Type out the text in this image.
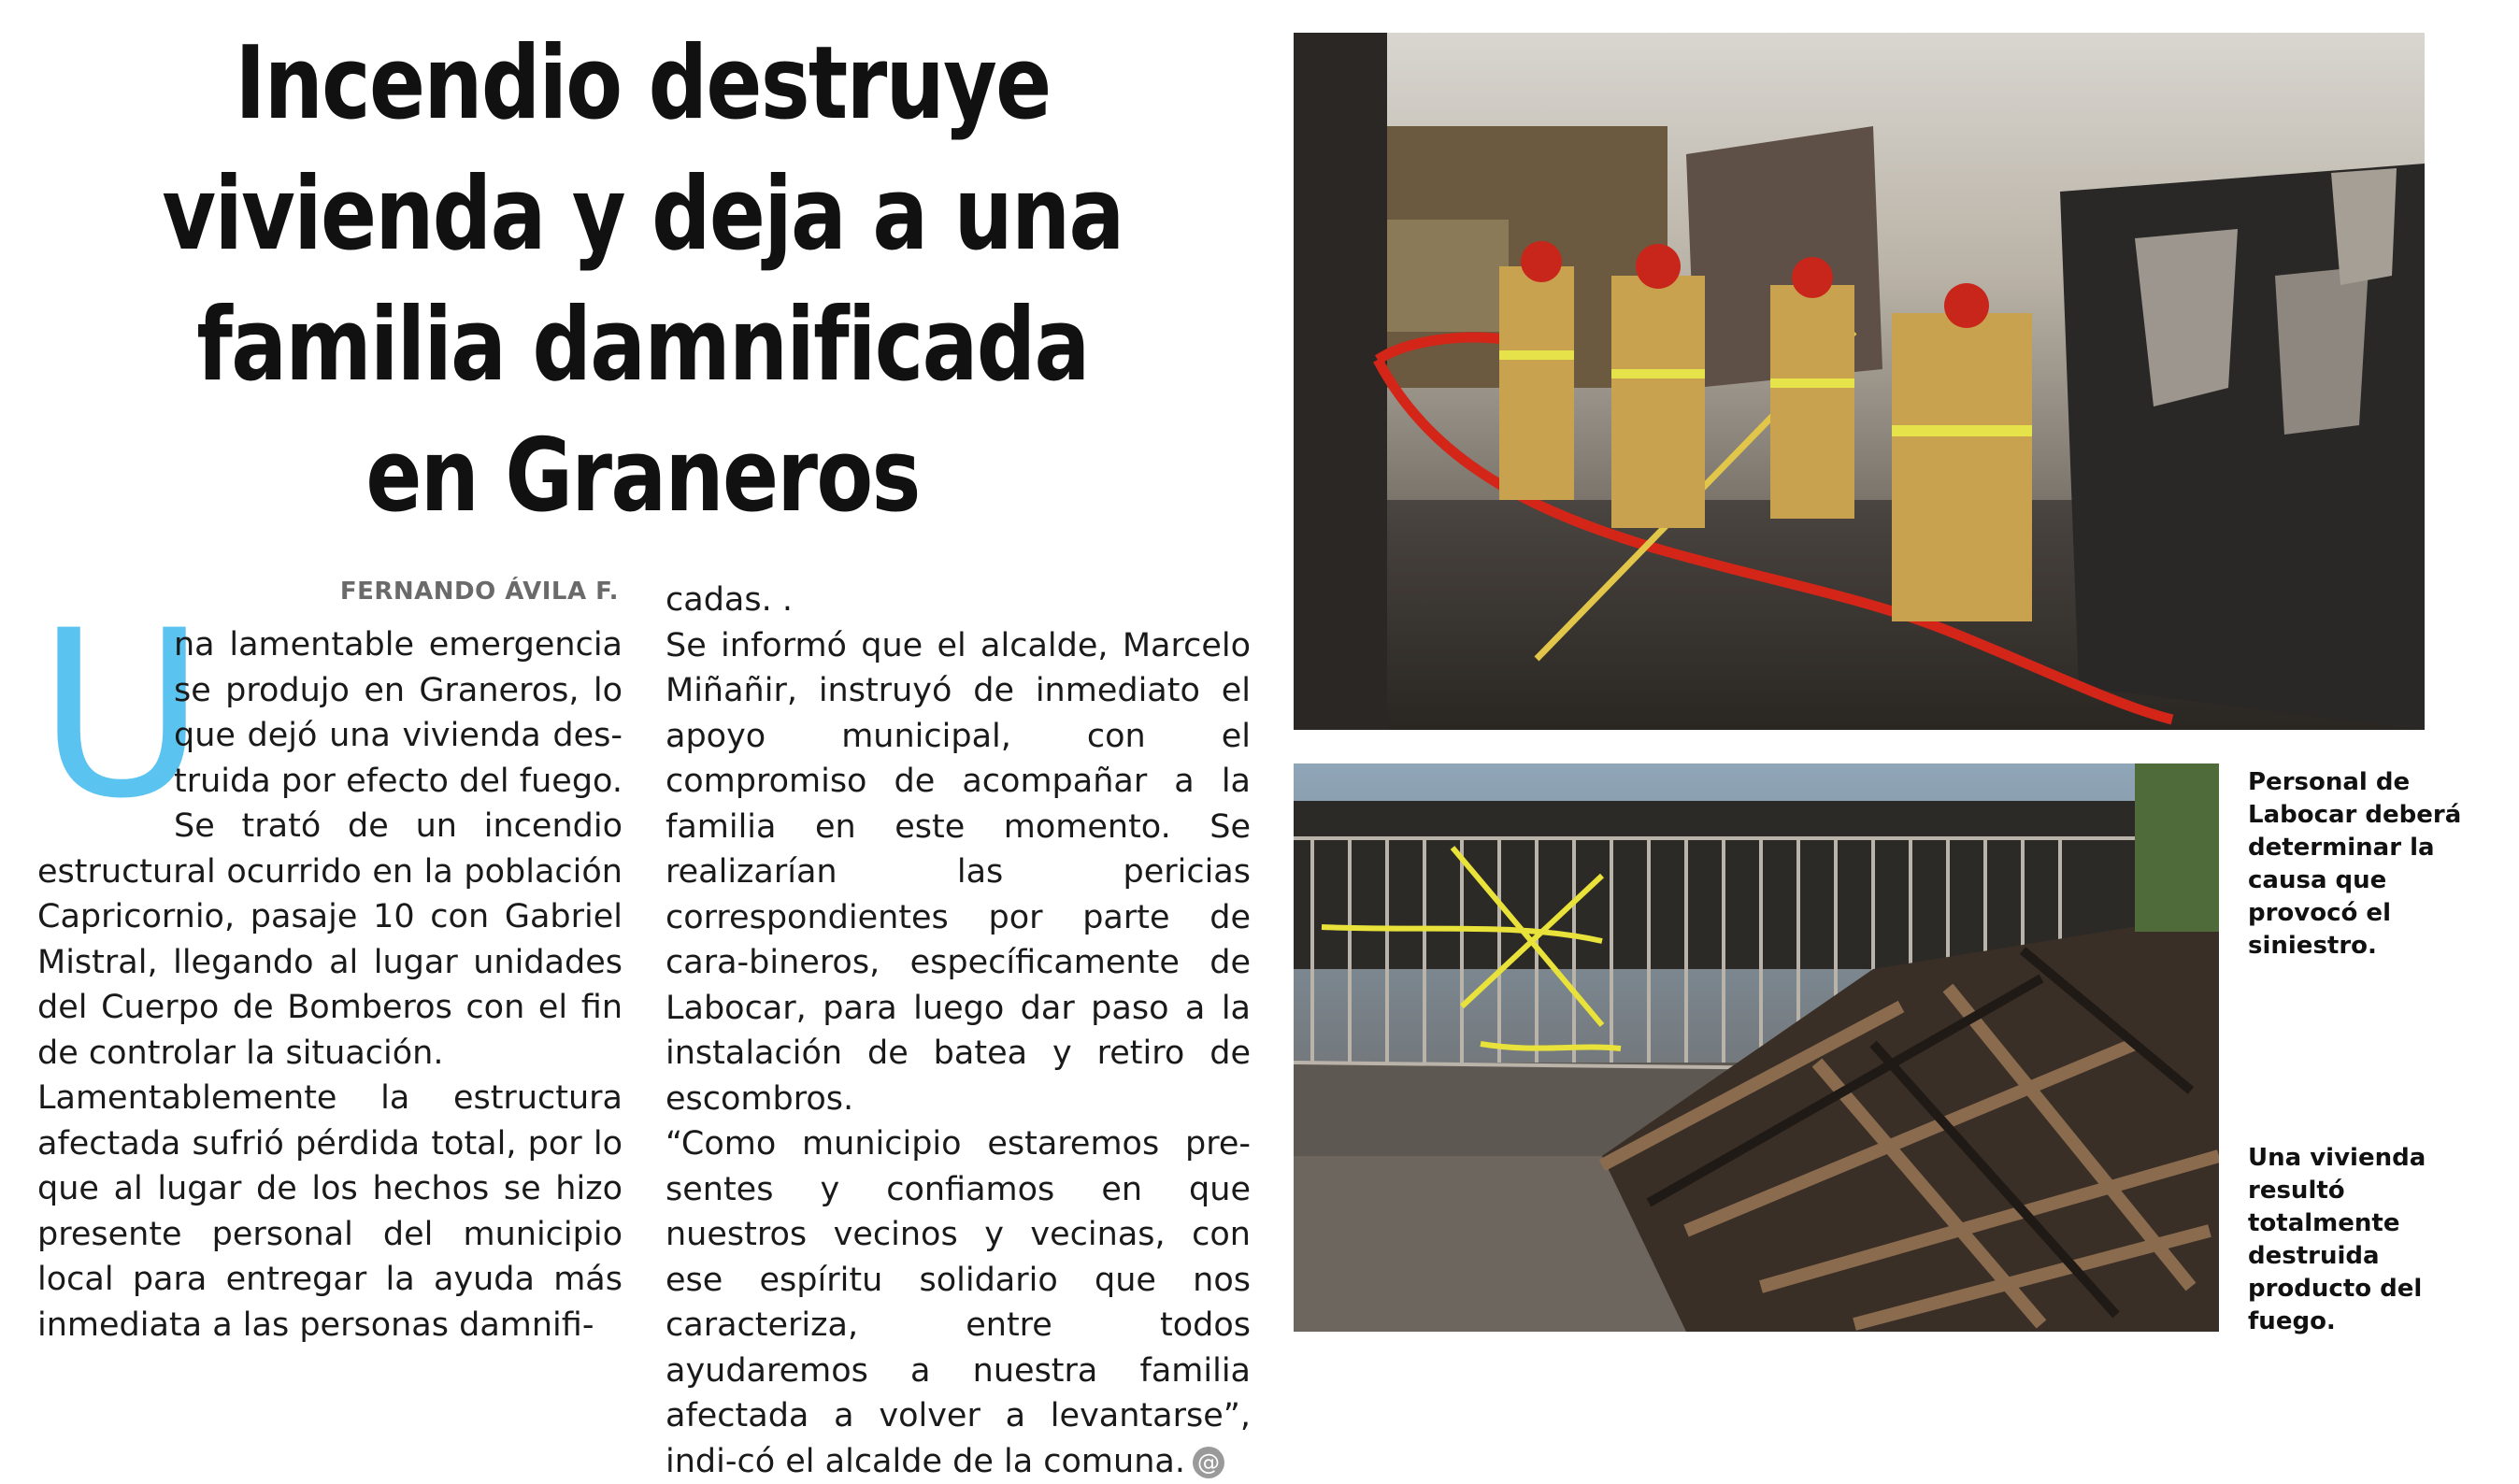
Incendio destruye
vivienda y deja a una
familia damnificada
en Graneros
FERNANDO ÁVILA F.
U

na lamentable emergencia se produjo en Graneros, lo que dejó una vivienda des-truida por efecto del fuego. Se trató de un incendio estructural ocurrido en la población Capricornio, pasaje 10 con Gabriel Mistral, llegando al lugar unidades del Cuerpo de Bomberos con el fin de controlar la situación.

Lamentablemente la estructura afectada sufrió pérdida total, por lo que al lugar de los hechos se hizo presente personal del municipio local para entregar la ayuda más inmediata a las personas damnifi-

cadas. .

Se informó que el alcalde, Marcelo Miñañir, instruyó de inmediato el apoyo municipal, con el compromiso de acompañar a la familia en este momento. Se realizarían las pericias correspondientes por parte de cara-bineros, específicamente de Labocar, para luego dar paso a la instalación de batea y retiro de escombros.

“Como municipio estaremos pre-sentes y confiamos en que nuestros vecinos y vecinas, con ese espíritu solidario que nos caracteriza, entre todos ayudaremos a nuestra familia afectada a volver a levantarse”, indi-có el alcalde de la comuna. @

Personal de Labocar deberá determinar la causa que provocó el siniestro.
Una vivienda resultó totalmente destruida producto del fuego.
